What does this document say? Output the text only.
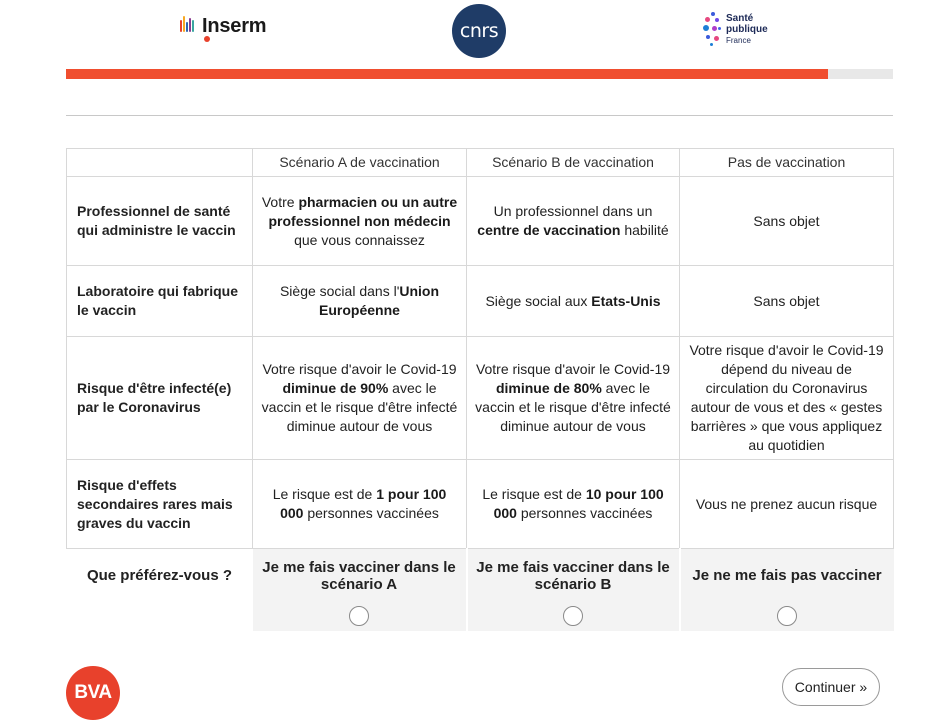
Inserm	cnrs
Santé
publique
France
	Scénario A de vaccination	Scénario B de vaccination	Pas de vaccination
Professionnel de santé qui administre le vaccin	Votre pharmacien ou un autre professionnel non médecin que vous connaissez	Un professionnel dans un centre de vaccination habilité	Sans objet
Laboratoire qui fabrique le vaccin	Siège social dans l'Union Européenne	Siège social aux Etats-Unis	Sans objet
Risque d'être infecté(e) par le Coronavirus	Votre risque d'avoir le Covid-19 diminue de 90% avec le vaccin et le risque d'être infecté diminue autour de vous	Votre risque d'avoir le Covid-19 diminue de 80% avec le vaccin et le risque d'être infecté diminue autour de vous	Votre risque d'avoir le Covid-19 dépend du niveau de circulation du Coronavirus autour de vous et des « gestes barrières » que vous appliquez au quotidien
Risque d'effets secondaires rares mais graves du vaccin	Le risque est de 1 pour 100 000 personnes vaccinées	Le risque est de 10 pour 100 000 personnes vaccinées	Vous ne prenez aucun risque
Que préférez-vous ?	Je me fais vacciner dans le scénario A	Je me fais vacciner dans le scénario B	Je ne me fais pas vacciner

BVA	Continuer »
